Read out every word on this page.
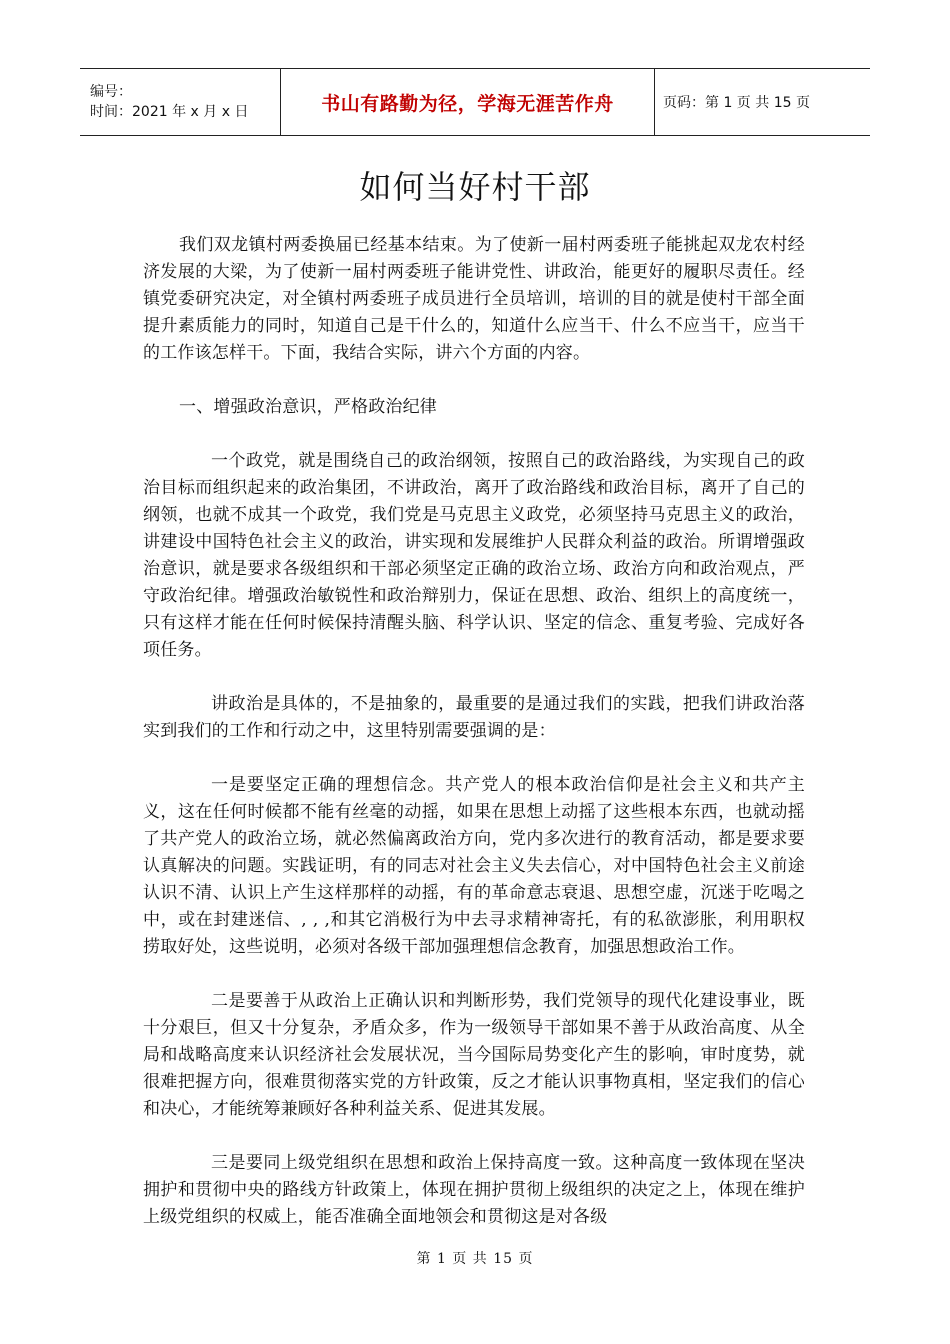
编号：
时间：2021 年 x 月 x 日	书山有路勤为径，学海无涯苦作舟	页码：第 1 页 共 15 页
如何当好村干部

我们双龙镇村两委换届已经基本结束。为了使新一届村两委班子能挑起双龙农村经济发展的大梁，为了使新一届村两委班子能讲党性、讲政治，能更好的履职尽责任。经镇党委研究决定，对全镇村两委班子成员进行全员培训，培训的目的就是使村干部全面提升素质能力的同时，知道自己是干什么的，知道什么应当干、什么不应当干，应当干的工作该怎样干。下面，我结合实际，讲六个方面的内容。

一、增强政治意识，严格政治纪律

一个政党，就是围绕自己的政治纲领，按照自己的政治路线，为实现自己的政治目标而组织起来的政治集团，不讲政治，离开了政治路线和政治目标，离开了自己的纲领，也就不成其一个政党，我们党是马克思主义政党，必须坚持马克思主义的政治，讲建设中国特色社会主义的政治，讲实现和发展维护人民群众利益的政治。所谓增强政治意识，就是要求各级组织和干部必须坚定正确的政治立场、政治方向和政治观点，严守政治纪律。增强政治敏锐性和政治辩别力，保证在思想、政治、组织上的高度统一，只有这样才能在任何时候保持清醒头脑、科学认识、坚定的信念、重复考验、完成好各项任务。

讲政治是具体的，不是抽象的，最重要的是通过我们的实践，把我们讲政治落实到我们的工作和行动之中，这里特别需要强调的是：

一是要坚定正确的理想信念。共产党人的根本政治信仰是社会主义和共产主义，这在任何时候都不能有丝毫的动摇，如果在思想上动摇了这些根本东西，也就动摇了共产党人的政治立场，就必然偏离政治方向，党内多次进行的教育活动，都是要求要认真解决的问题。实践证明，有的同志对社会主义失去信心，对中国特色社会主义前途认识不清、认识上产生这样那样的动摇，有的革命意志衰退、思想空虚，沉迷于吃喝之中，或在封建迷信、, , ,和其它消极行为中去寻求精神寄托，有的私欲澎胀，利用职权捞取好处，这些说明，必须对各级干部加强理想信念教育，加强思想政治工作。

二是要善于从政治上正确认识和判断形势，我们党领导的现代化建设事业，既十分艰巨，但又十分复杂，矛盾众多，作为一级领导干部如果不善于从政治高度、从全局和战略高度来认识经济社会发展状况，当今国际局势变化产生的影响，审时度势，就很难把握方向，很难贯彻落实党的方针政策，反之才能认识事物真相，坚定我们的信心和决心，才能统筹兼顾好各种利益关系、促进其发展。

三是要同上级党组织在思想和政治上保持高度一致。这种高度一致体现在坚决拥护和贯彻中央的路线方针政策上，体现在拥护贯彻上级组织的决定之上，体现在维护上级党组织的权威上，能否准确全面地领会和贯彻这是对各级

第 1 页 共 15 页
